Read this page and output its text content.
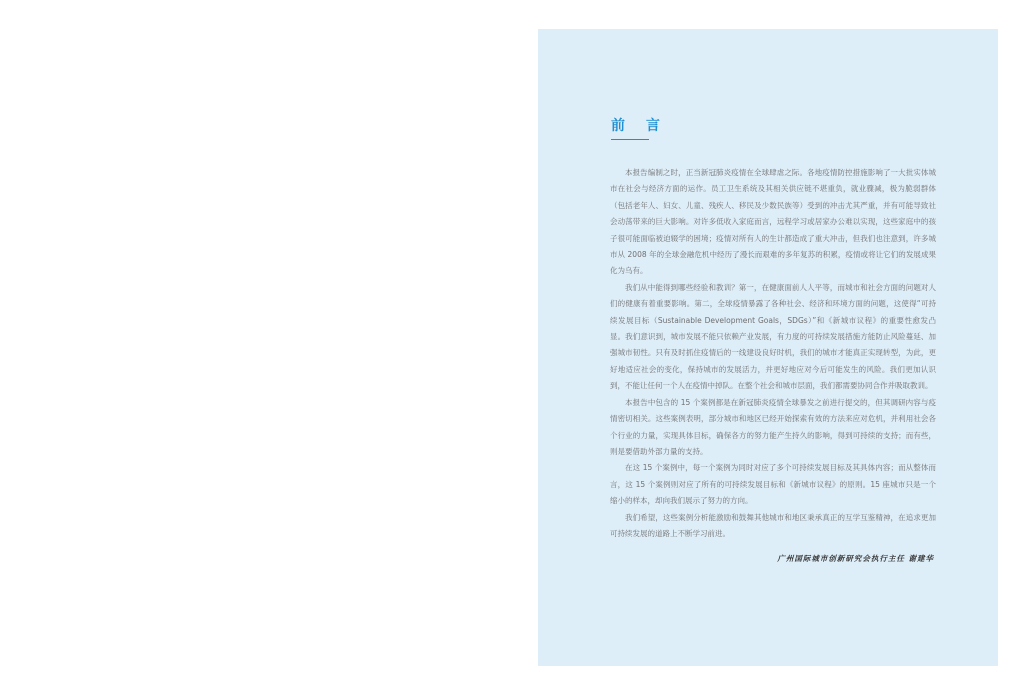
前 言

本报告编制之时，正当新冠肺炎疫情在全球肆虐之际。各地疫情防控措施影响了一大批实体城市在社会与经济方面的运作。员工卫生系统及其相关供应链不堪重负，就业骤减，极为脆弱群体（包括老年人、妇女、儿童、残疾人、移民及少数民族等）受到的冲击尤其严重，并有可能导致社会动荡带来的巨大影响。对许多低收入家庭而言，远程学习或居家办公难以实现，这些家庭中的孩子很可能面临被迫辍学的困境；疫情对所有人的生计都造成了重大冲击，但我们也注意到，许多城市从 2008 年的全球金融危机中经历了漫长而艰难的多年复苏的积累，疫情或将让它们的发展成果化为乌有。

我们从中能得到哪些经验和教训？第一，在健康面前人人平等，而城市和社会方面的问题对人们的健康有着重要影响。第二，全球疫情暴露了各种社会、经济和环境方面的问题，这使得“可持续发展目标（Sustainable Development Goals，SDGs）”和《新城市议程》的重要性愈发凸显。我们意识到，城市发展不能只依赖产业发展，有力度的可持续发展措施方能防止风险蔓延、加强城市韧性。只有及时抓住疫情后的一线建设良好时机，我们的城市才能真正实现转型，为此，更好地适应社会的变化，保持城市的发展活力，并更好地应对今后可能发生的风险。我们更加认识到，不能让任何一个人在疫情中掉队。在整个社会和城市层面，我们都需要协同合作并吸取教训。

本报告中包含的 15 个案例都是在新冠肺炎疫情全球暴发之前进行提交的，但其调研内容与疫情密切相关。这些案例表明，部分城市和地区已经开始探索有效的方法来应对危机，并利用社会各个行业的力量，实现具体目标，确保各方的努力能产生持久的影响，得到可持续的支持；而有些，则是要借助外部力量的支持。

在这 15 个案例中，每一个案例为同时对应了多个可持续发展目标及其具体内容；而从整体而言，这 15 个案例则对应了所有的可持续发展目标和《新城市议程》的原则。15 座城市只是一个缩小的样本，却向我们展示了努力的方向。

我们希望，这些案例分析能激励和鼓舞其他城市和地区秉承真正的互学互鉴精神，在追求更加可持续发展的道路上不断学习前进。

广州国际城市创新研究会执行主任 谢建华
